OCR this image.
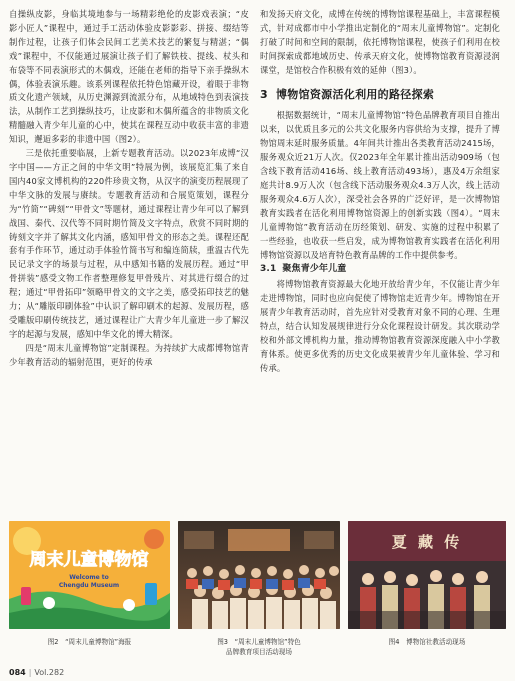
自操纵皮影，身临其境地参与一场精彩绝伦的皮影戏表演；“皮影小匠人”课程中，通过手工活动体验皮影影彩、拼接、缀结等制作过程，让孩子们体会民间工艺美术技艺的繁复与精湛；“偶戏”课程中，不仅能通过展演让孩子们了解铁枝、提线、杖头和布袋等不同表演形式的木偶戏，还能在老师的指导下亲手操纵木偶，体验表演乐趣。该系列课程依托特色馆藏开设，着眼于非物质文化遗产领域，从历史渊源到流派分布，从地域特色到表演技法，从制作工艺到操纵技巧，让皮影和木偶所蕴含的非物质文化精髓融入青少年儿童的心中，使其在课程互动中收获丰富的非遗知识，邂逅多彩的非遗中国（图2）。

三是依托重要临展，上新专题教育活动。以2023年成博“汉字中国——方正之间的中华文明”特展为例，该展览汇集了来自国内40家文博机构的220件珍贵文物，从汉字的演变历程展现了中华文脉的发展与赓续。专题教育活动和合展览策划，课程分为“竹简”“碑刻”“甲骨文”等题材，通过课程让青少年可以了解到战国、秦代、汉代等不同时期竹简及文字特点，欣赏不同时期的铸刻文字并了解其文化内涵，感知甲骨文的形态之美。课程还配套有手作环节，通过动手体验竹简书写和编连简牍，重温古代先民记录文字的场景与过程，从中感知书籍的发展历程。通过“甲骨拼装”感受文物工作者整理修复甲骨残片、对其进行缀合的过程；通过“甲骨拓印”领略甲骨文的文字之美，感受拓印技艺的魅力；从“雕版印刷体验”中认识了解印刷术的起源、发展历程，感受雕版印刷传统技艺，通过课程让广大青少年儿童进一步了解汉字的起源与发展，感知中华文化的博大精深。

四是“周末儿童博物馆”定制课程。为持续扩大成都博物馆青少年教育活动的辐射范围，更好的传承

和发扬天府文化，成博在传统的博物馆课程基础上，丰富课程模式，针对成都市中小学推出定制化的“周末儿童博物馆”。定制化打破了时间和空间的限制，依托博物馆课程，使孩子们利用在校时间探索成都地域历史、传承天府文化，使博物馆教育资源浸润课堂，是馆校合作积极有效的延伸（图3）。

3 博物馆资源活化利用的路径探索

根据数据统计，“周末儿童博物馆”特色品牌教育项目自推出以来，以优质且多元的公共文化服务内容供给为支撑，提升了博物馆周末延时服务质量。4年间共计推出各类教育活动2415场，服务观众近21万人次。仅2023年全年累计推出活动909场（包含线下教育活动416场、线上教育活动493场），惠及4万余组家庭共计8.9万人次（包含线下活动服务观众4.3万人次，线上活动服务观众4.6万人次），深受社会各界的广泛好评，是一次博物馆教育实践者在活化利用博物馆资源上的创新实践（图4）。“周末儿童博物馆”教育活动在历经策划、研发、实施的过程中积累了一些经验，也收获一些启发，成为博物馆教育实践者在活化利用博物馆资源以及培育特色教育品牌的工作中提供参考。

3.1 聚焦青少年儿童

将博物馆教育资源最大化地开放给青少年，不仅能让青少年走进博物馆，同时也应向促使了博物馆走近青少年。博物馆在开展青少年教育活动时，首先应针对受教育对象不同的心理、生理特点，结合认知发展规律进行分众化课程设计研发。其次联动学校和外部文博机构力量，推动博物馆教育资源深度融入中小学教育体系。使更多优秀的历史文化成果被青少年儿童体验、学习和传承。

周末儿童博物馆
Welcome to
Chengdu Museum
夏 藏 传
图2　“周末儿童博物馆”海报	图3　“周末儿童博物馆”特色
品牌教育项目活动现场
图4　博物馆社教活动现场
084 | Vol.282
